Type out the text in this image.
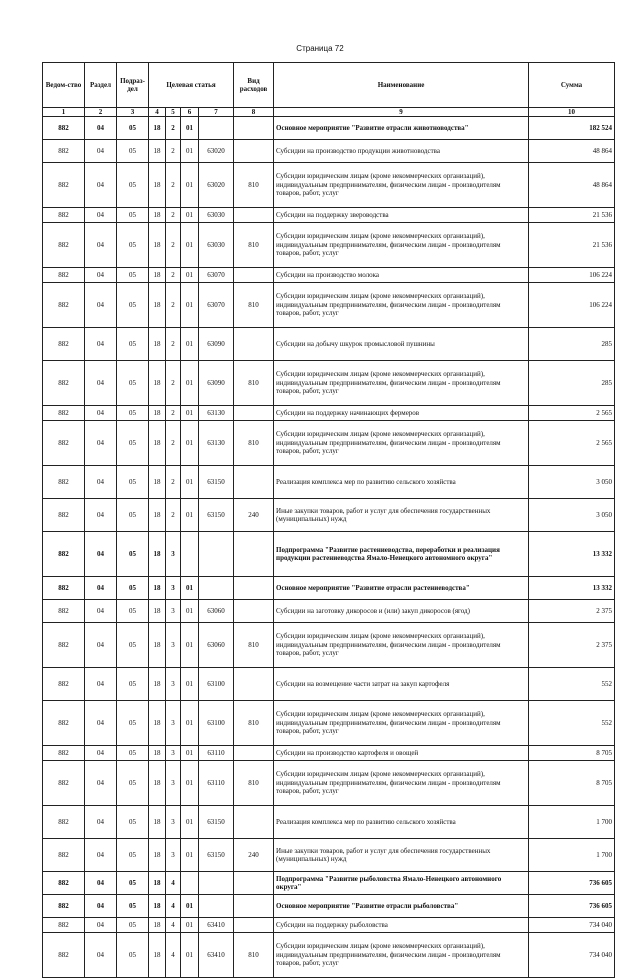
Страница 72
Ведом-ство	Раздел	Подраз-дел	Целевая статья				Вид расходов	Наименование	Сумма
1	2	3	4	5	6	7	8	9	10
882	04	05	18	2	01			Основное мероприятие "Развитие отрасли животноводства"	182 524
882	04	05	18	2	01	63020		Субсидии на производство продукции животноводства	48 864
882	04	05	18	2	01	63020	810	Субсидии юридическим лицам (кроме некоммерческих организаций), индивидуальным предпринимателям, физическим лицам - производителям товаров, работ, услуг	48 864
882	04	05	18	2	01	63030		Субсидии на поддержку звероводства	21 536
882	04	05	18	2	01	63030	810	Субсидии юридическим лицам (кроме некоммерческих организаций), индивидуальным предпринимателям, физическим лицам - производителям товаров, работ, услуг	21 536
882	04	05	18	2	01	63070		Субсидии на производство молока	106 224
882	04	05	18	2	01	63070	810	Субсидии юридическим лицам (кроме некоммерческих организаций), индивидуальным предпринимателям, физическим лицам - производителям товаров, работ, услуг	106 224
882	04	05	18	2	01	63090		Субсидии на добычу шкурок промысловой пушнины	285
882	04	05	18	2	01	63090	810	Субсидии юридическим лицам (кроме некоммерческих организаций), индивидуальным предпринимателям, физическим лицам - производителям товаров, работ, услуг	285
882	04	05	18	2	01	63130		Субсидии на поддержку начинающих фермеров	2 565
882	04	05	18	2	01	63130	810	Субсидии юридическим лицам (кроме некоммерческих организаций), индивидуальным предпринимателям, физическим лицам - производителям товаров, работ, услуг	2 565
882	04	05	18	2	01	63150		Реализация комплекса мер по развитию сельского хозяйства	3 050
882	04	05	18	2	01	63150	240	Иные закупки товаров, работ и услуг для обеспечения государственных (муниципальных) нужд	3 050
882	04	05	18	3				Подпрограмма "Развитие растениеводства, переработки и реализация продукции растениеводства Ямало-Ненецкого автономного округа"	13 332
882	04	05	18	3	01			Основное мероприятие "Развитие отрасли растениеводства"	13 332
882	04	05	18	3	01	63060		Субсидии на заготовку дикоросов и (или) закуп дикоросов (ягод)	2 375
882	04	05	18	3	01	63060	810	Субсидии юридическим лицам (кроме некоммерческих организаций), индивидуальным предпринимателям, физическим лицам - производителям товаров, работ, услуг	2 375
882	04	05	18	3	01	63100		Субсидии на возмещение части затрат на закуп картофеля	552
882	04	05	18	3	01	63100	810	Субсидии юридическим лицам (кроме некоммерческих организаций), индивидуальным предпринимателям, физическим лицам - производителям товаров, работ, услуг	552
882	04	05	18	3	01	63110		Субсидии на производство картофеля и овощей	8 705
882	04	05	18	3	01	63110	810	Субсидии юридическим лицам (кроме некоммерческих организаций), индивидуальным предпринимателям, физическим лицам - производителям товаров, работ, услуг	8 705
882	04	05	18	3	01	63150		Реализация комплекса мер по развитию сельского хозяйства	1 700
882	04	05	18	3	01	63150	240	Иные закупки товаров, работ и услуг для обеспечения государственных (муниципальных) нужд	1 700
882	04	05	18	4				Подпрограмма "Развитие рыболовства Ямало-Ненецкого автономного округа"	736 605
882	04	05	18	4	01			Основное мероприятие "Развитие отрасли рыболовства"	736 605
882	04	05	18	4	01	63410		Субсидии на поддержку рыболовства	734 040
882	04	05	18	4	01	63410	810	Субсидии юридическим лицам (кроме некоммерческих организаций), индивидуальным предпринимателям, физическим лицам - производителям товаров, работ, услуг	734 040
